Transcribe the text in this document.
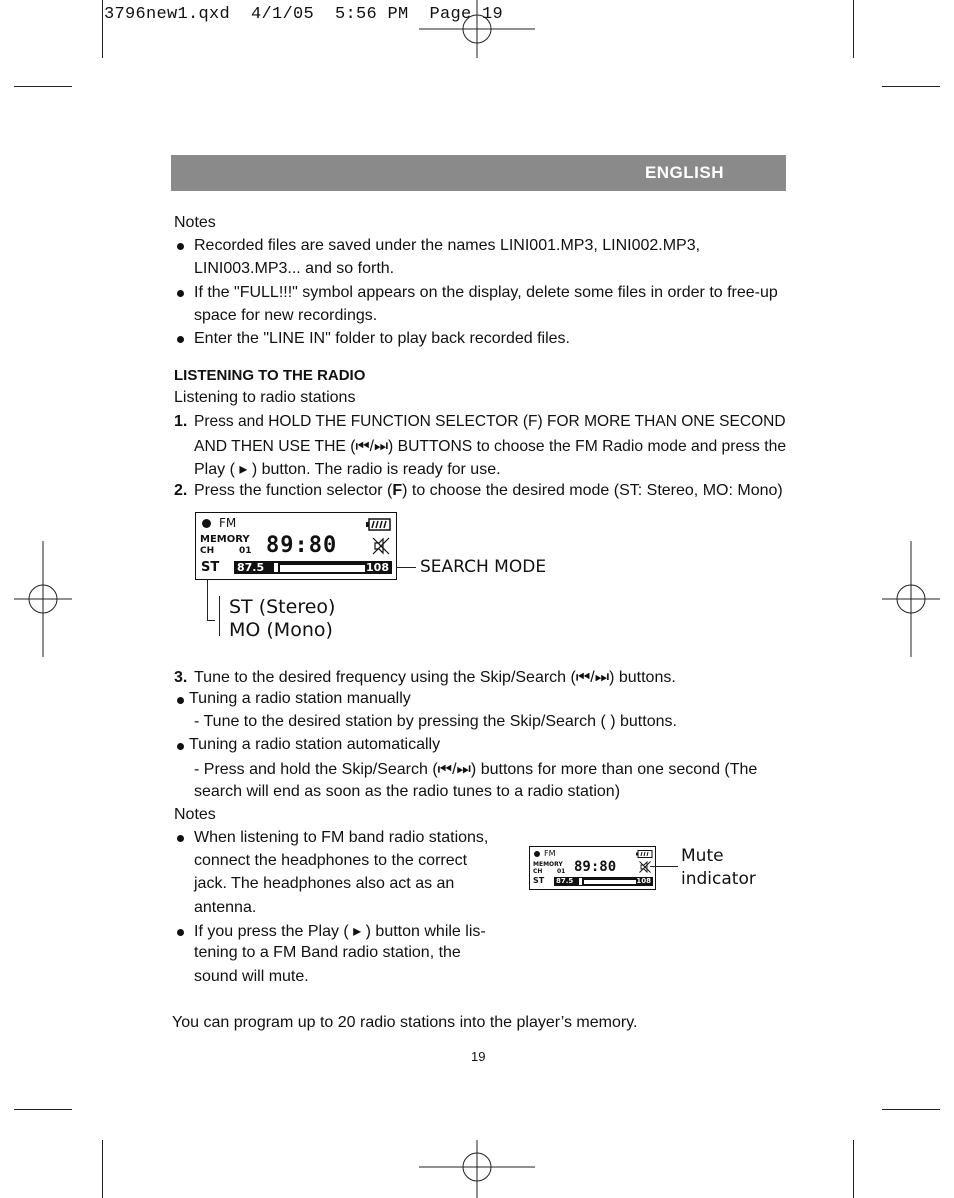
3796new1.qxd  4/1/05  5:56 PM  Page 19
ENGLISH
Notes
Recorded files are saved under the names LINI001.MP3, LINI002.MP3,
LINI003.MP3... and so forth.
If the "FULL!!!" symbol appears on the display, delete some files in order to free-up
space for new recordings.
Enter the "LINE IN" folder to play back recorded files.
LISTENING TO THE RADIO
Listening to radio stations
1. Press and HOLD THE FUNCTION SELECTOR (F) FOR MORE THAN ONE SECOND
AND THEN USE THE (⏮/⏭) BUTTONS to choose the FM Radio mode and press the
Play ( ▸ ) button. The radio is ready for use.
2. Press the function selector (F) to choose the desired mode (ST: Stereo, MO: Mono)
FM
MEMORY
CH	01 89:80
ST 87.5	108 SEARCH MODE
ST (Stereo)
MO (Mono)
3. Tune to the desired frequency using the Skip/Search (⏮/⏭) buttons.
Tuning a radio station manually
- Tune to the desired station by pressing the Skip/Search ( ) buttons.
Tuning a radio station automatically
- Press and hold the Skip/Search (⏮/⏭) buttons for more than one second (The
search will end as soon as the radio tunes to a radio station)
Notes
When listening to FM band radio stations,
connect the headphones to the correct
jack. The headphones also act as an
antenna.
If you press the Play ( ▸ ) button while lis-
tening to a FM Band radio station, the
sound will mute.
FM
MEMORY
CH 01 89:80
ST 87.5	108
Mute
indicator
You can program up to 20 radio stations into the player’s memory.
19
